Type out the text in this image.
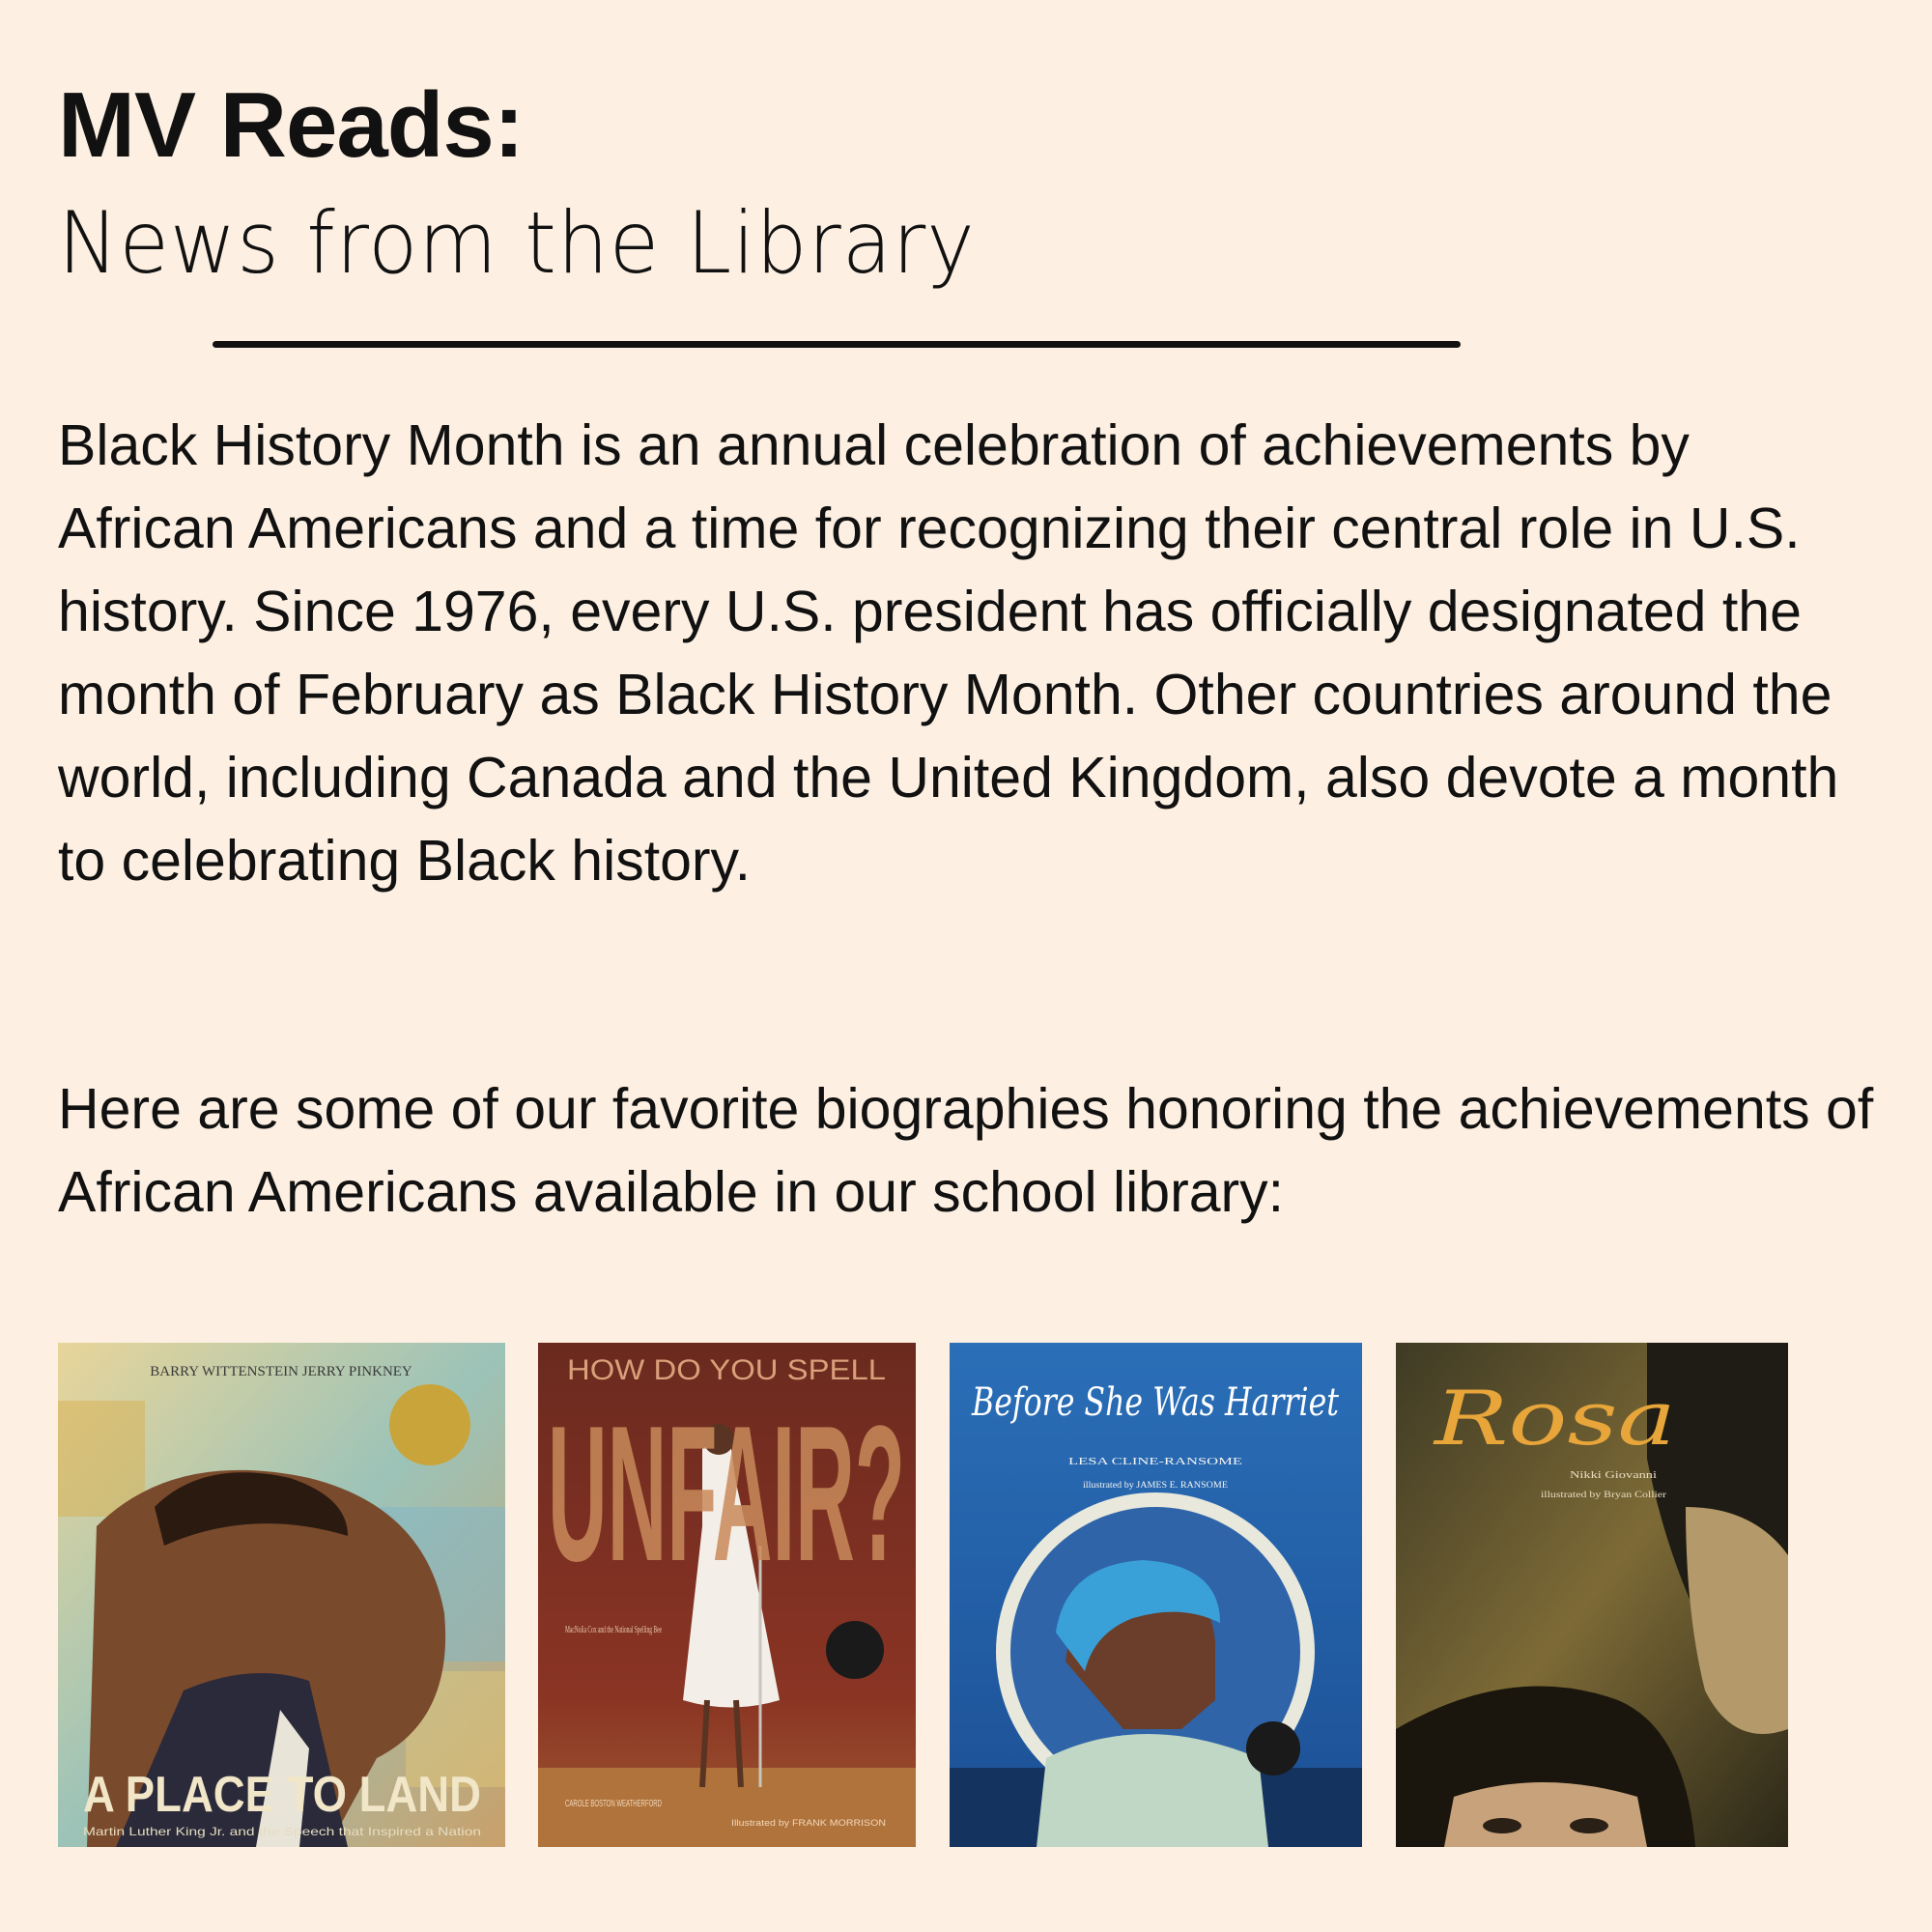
MV Reads:
News from the Library

Black History Month is an annual celebration of achievements by African Americans and a time for recognizing their central role in U.S. history. Since 1976, every U.S. president has officially designated the month of February as Black History Month. Other countries around the world, including Canada and the United Kingdom, also devote a month to celebrating Black history.

Here are some of our favorite biographies honoring the achievements of African Americans available in our school library:

BARRY WITTENSTEIN JERRY PINKNEY
A PLACE TO LAND
Martin Luther King Jr. and the Speech that Inspired a Nation
HOW DO YOU SPELL
UNFAIR?
MacNolia Cox and the National Spelling Bee
CAROLE BOSTON WEATHERFORD
Illustrated by FRANK MORRISON
Before She Was Harriet
LESA CLINE-RANSOME
illustrated by JAMES E. RANSOME
Rosa
Nikki Giovanni
illustrated by Bryan Collier
